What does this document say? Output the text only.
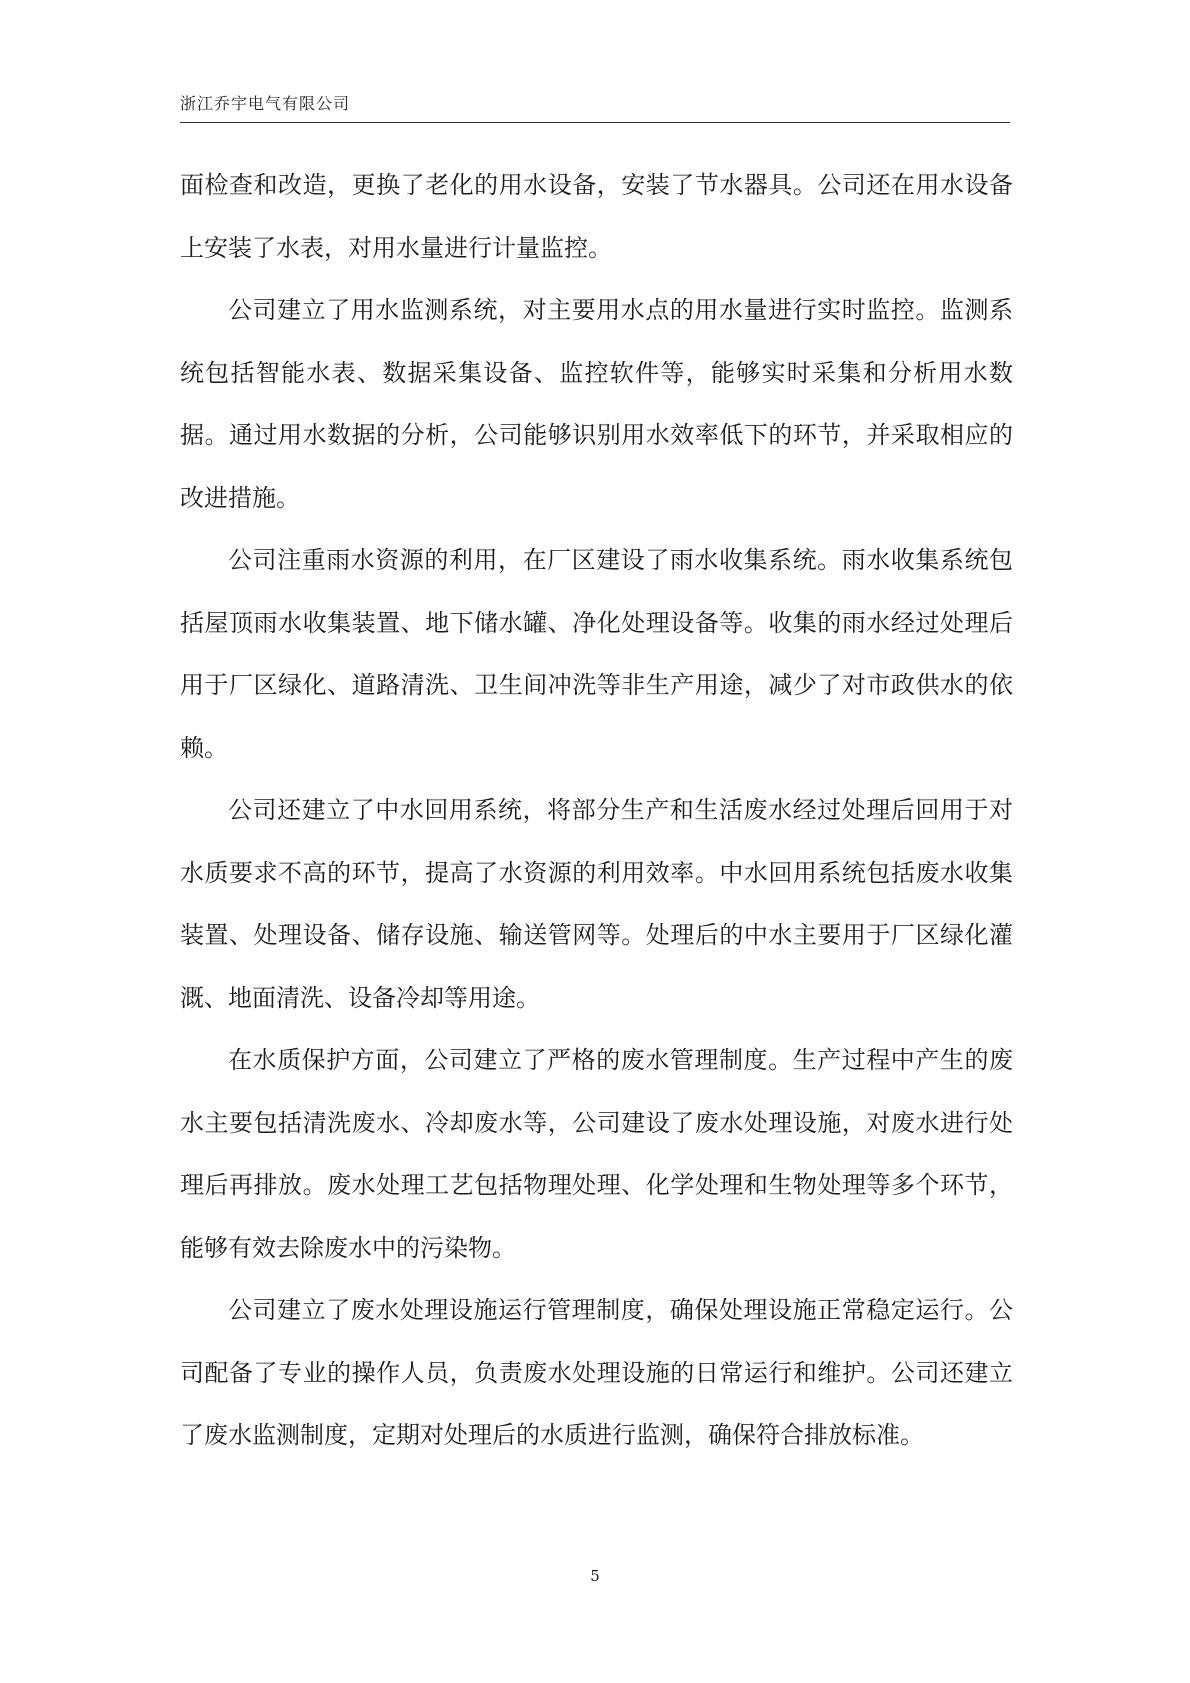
浙江乔宇电气有限公司

面检查和改造，更换了老化的用水设备，安装了节水器具。公司还在用水设备上安装了水表，对用水量进行计量监控。

公司建立了用水监测系统，对主要用水点的用水量进行实时监控。监测系统包括智能水表、数据采集设备、监控软件等，能够实时采集和分析用水数据。通过用水数据的分析，公司能够识别用水效率低下的环节，并采取相应的改进措施。

公司注重雨水资源的利用，在厂区建设了雨水收集系统。雨水收集系统包括屋顶雨水收集装置、地下储水罐、净化处理设备等。收集的雨水经过处理后用于厂区绿化、道路清洗、卫生间冲洗等非生产用途，减少了对市政供水的依赖。

公司还建立了中水回用系统，将部分生产和生活废水经过处理后回用于对水质要求不高的环节，提高了水资源的利用效率。中水回用系统包括废水收集装置、处理设备、储存设施、输送管网等。处理后的中水主要用于厂区绿化灌溉、地面清洗、设备冷却等用途。

在水质保护方面，公司建立了严格的废水管理制度。生产过程中产生的废水主要包括清洗废水、冷却废水等，公司建设了废水处理设施，对废水进行处理后再排放。废水处理工艺包括物理处理、化学处理和生物处理等多个环节，能够有效去除废水中的污染物。

公司建立了废水处理设施运行管理制度，确保处理设施正常稳定运行。公司配备了专业的操作人员，负责废水处理设施的日常运行和维护。公司还建立了废水监测制度，定期对处理后的水质进行监测，确保符合排放标准。

5
